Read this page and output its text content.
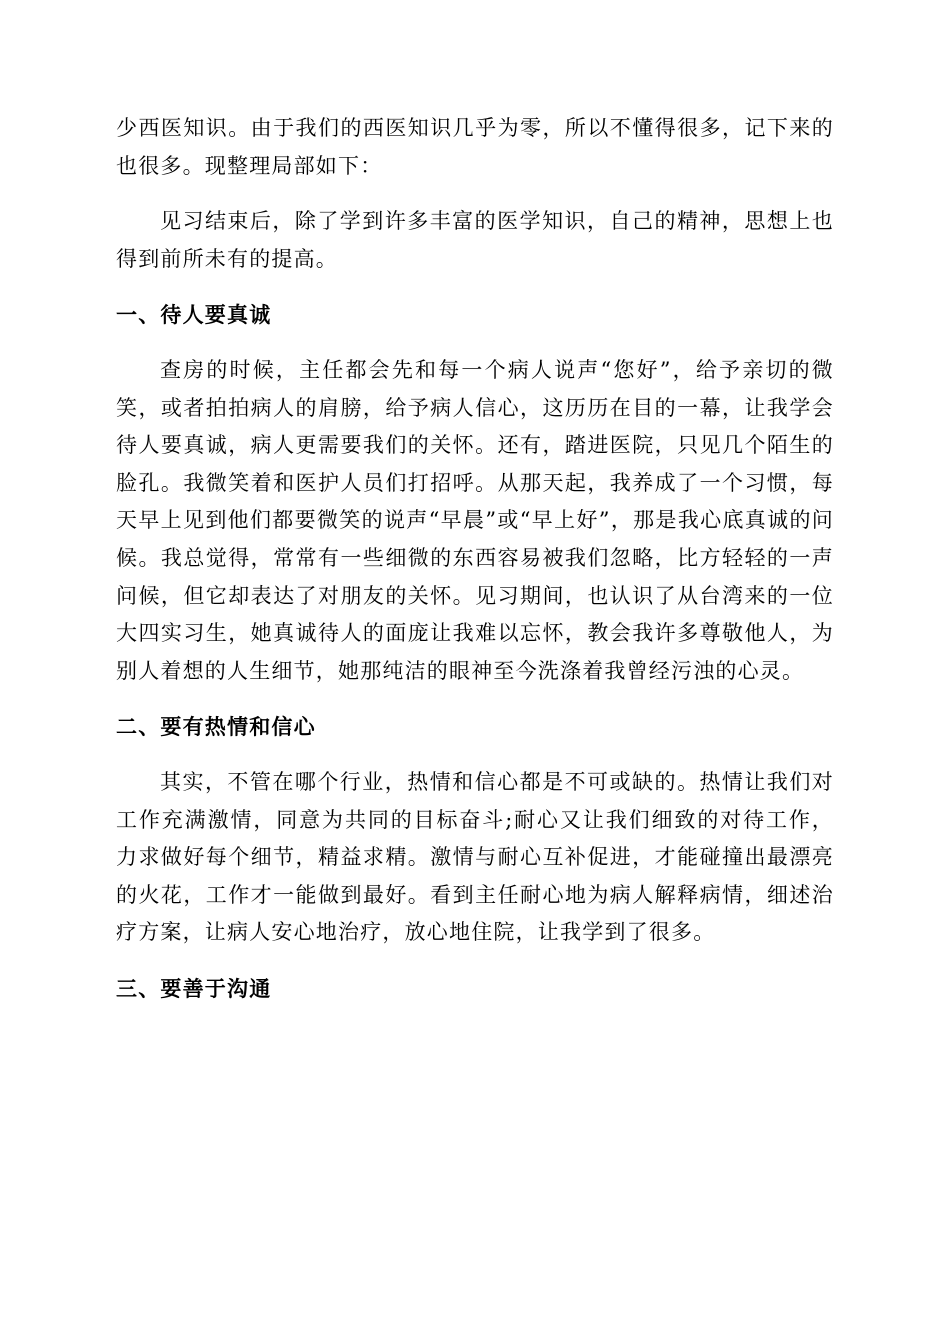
少西医知识。由于我们的西医知识几乎为零，所以不懂得很多，记下来的也很多。现整理局部如下：

见习结束后，除了学到许多丰富的医学知识，自己的精神，思想上也得到前所未有的提高。

一、待人要真诚

查房的时候，主任都会先和每一个病人说声“您好”，给予亲切的微笑，或者拍拍病人的肩膀，给予病人信心，这历历在目的一幕，让我学会待人要真诚，病人更需要我们的关怀。还有，踏进医院，只见几个陌生的脸孔。我微笑着和医护人员们打招呼。从那天起，我养成了一个习惯，每天早上见到他们都要微笑的说声“早晨”或“早上好”，那是我心底真诚的问候。我总觉得，常常有一些细微的东西容易被我们忽略，比方轻轻的一声问候，但它却表达了对朋友的关怀。见习期间，也认识了从台湾来的一位大四实习生，她真诚待人的面庞让我难以忘怀，教会我许多尊敬他人，为别人着想的人生细节，她那纯洁的眼神至今洗涤着我曾经污浊的心灵。

二、要有热情和信心

其实，不管在哪个行业，热情和信心都是不可或缺的。热情让我们对工作充满激情，同意为共同的目标奋斗;耐心又让我们细致的对待工作，力求做好每个细节，精益求精。激情与耐心互补促进，才能碰撞出最漂亮的火花，工作才一能做到最好。看到主任耐心地为病人解释病情，细述治疗方案，让病人安心地治疗，放心地住院，让我学到了很多。

三、要善于沟通
